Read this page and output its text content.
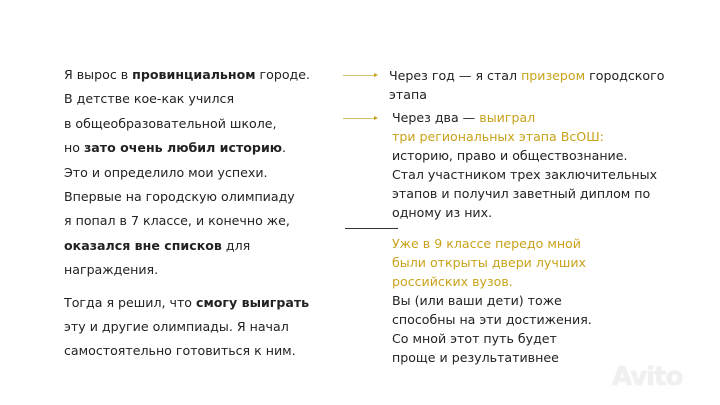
Я вырос в провинциальном городе.
В детстве кое-как учился
в общеобразовательной школе,
но зато очень любил историю.
Это и определило мои успехи.
Впервые на городскую олимпиаду
я попал в 7 классе, и конечно же,
оказался вне списков для
награждения.
Тогда я решил, что смогу выиграть
эту и другие олимпиады. Я начал
самостоятельно готовиться к ним.
Через год — я стал призером городского
этапа
Через два — выиграл
три региональных этапа ВсОШ:
историю, право и обществознание.
Стал участником трех заключительных
этапов и получил заветный диплом по
одному из них.
Уже в 9 классе передо мной
были открыты двери лучших
российских вузов.
Вы (или ваши дети) тоже
способны на эти достижения.
Со мной этот путь будет
проще и результативнее
Avito
